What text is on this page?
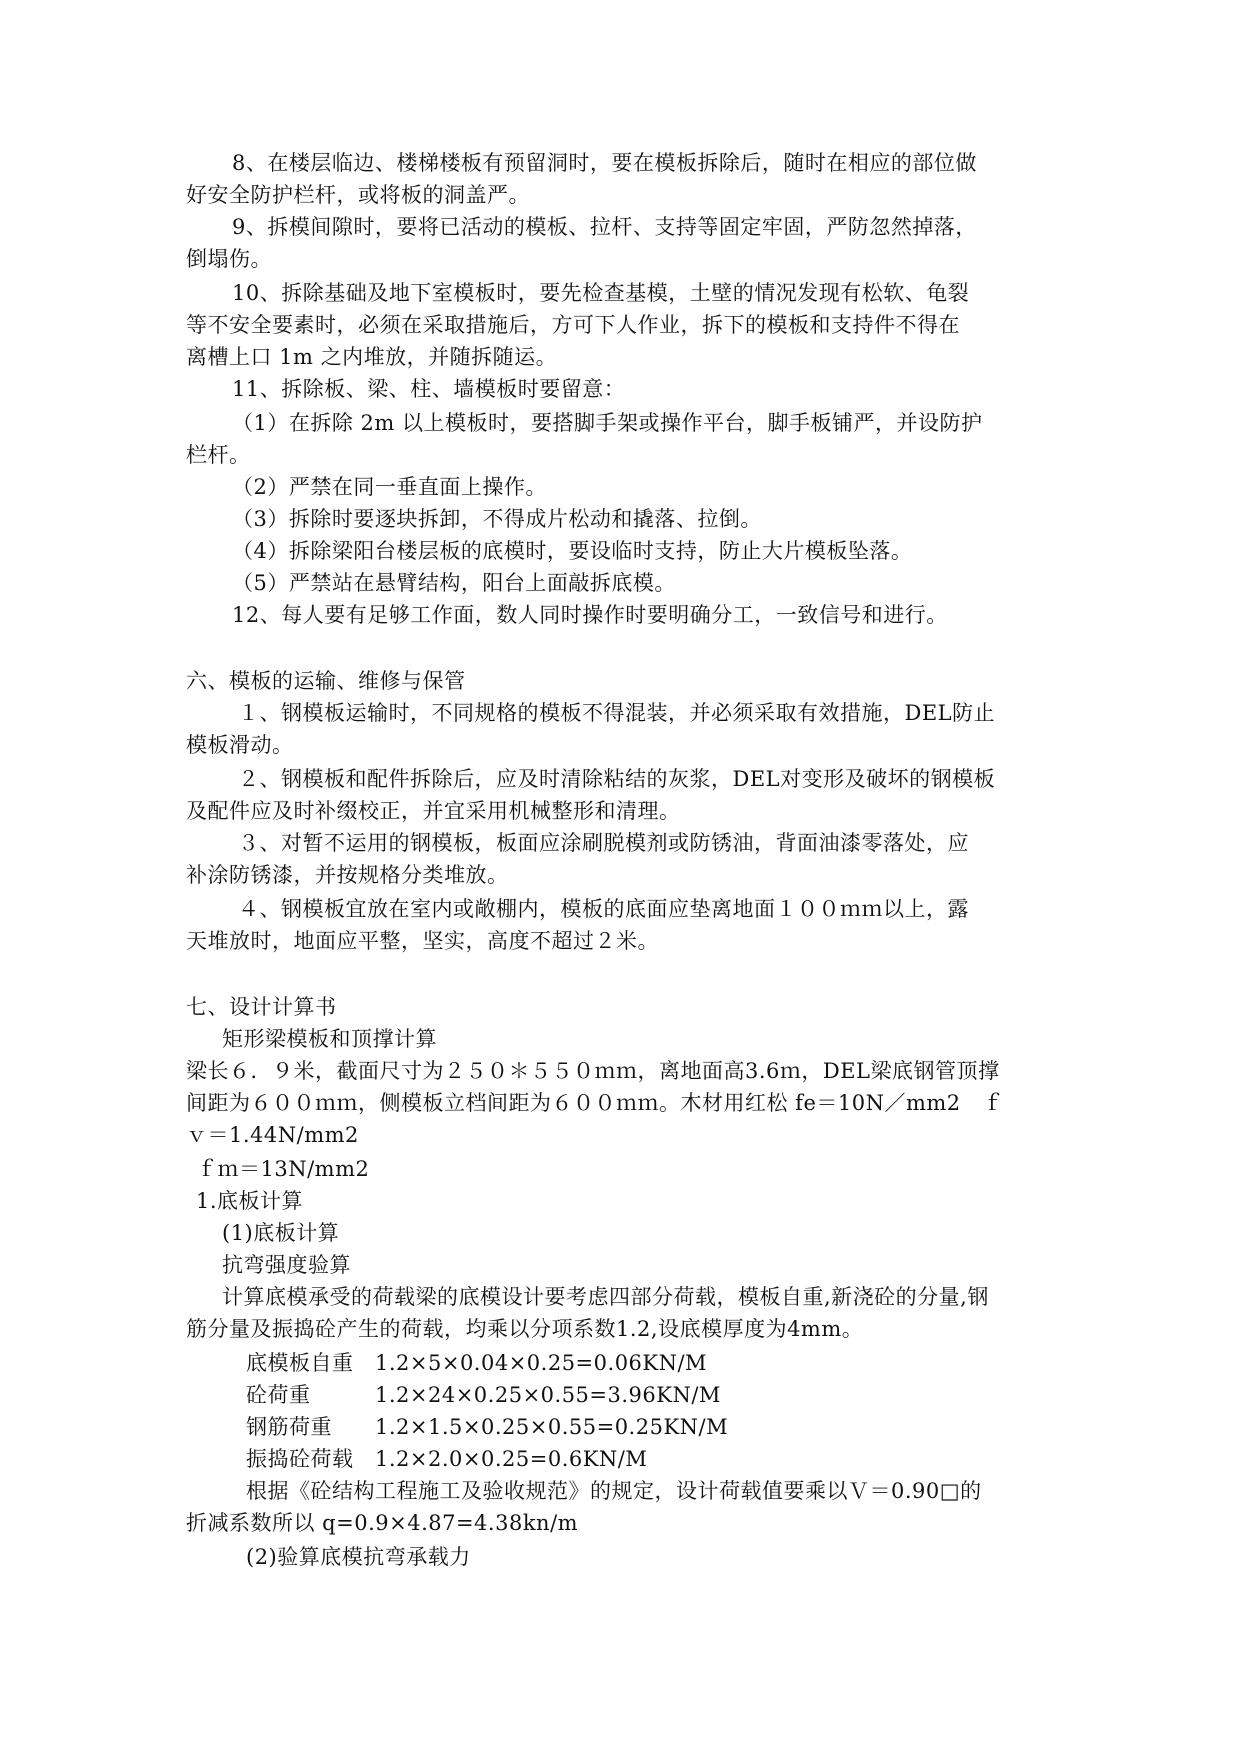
8、在楼层临边、楼梯楼板有预留洞时，要在模板拆除后，随时在相应的部位做
好安全防护栏杆，或将板的洞盖严。
9、拆模间隙时，要将已活动的模板、拉杆、支持等固定牢固，严防忽然掉落，
倒塌伤。
10、拆除基础及地下室模板时，要先检查基模，土壁的情况发现有松软、龟裂
等不安全要素时，必须在采取措施后，方可下人作业，拆下的模板和支持件不得在
离槽上口 1m 之内堆放，并随拆随运。
11、拆除板、梁、柱、墙模板时要留意：
（1）在拆除 2m 以上模板时，要搭脚手架或操作平台，脚手板铺严，并设防护
栏杆。
（2）严禁在同一垂直面上操作。
（3）拆除时要逐块拆卸，不得成片松动和撬落、拉倒。
（4）拆除梁阳台楼层板的底模时，要设临时支持，防止大片模板坠落。
（5）严禁站在悬臂结构，阳台上面敲拆底模。
12、每人要有足够工作面，数人同时操作时要明确分工，一致信号和进行。
六、模板的运输、维修与保管
１、钢模板运输时，不同规格的模板不得混装，并必须采取有效措施，DEL防止
模板滑动。
２、钢模板和配件拆除后，应及时清除粘结的灰浆，DEL对变形及破坏的钢模板
及配件应及时补缀校正，并宜采用机械整形和清理。
３、对暂不运用的钢模板，板面应涂刷脱模剂或防锈油，背面油漆零落处，应
补涂防锈漆，并按规格分类堆放。
４、钢模板宜放在室内或敞棚内，模板的底面应垫离地面１００ｍｍ以上，露
天堆放时，地面应平整，坚实，高度不超过２米。
七、设计计算书
矩形梁模板和顶撑计算
梁长６．９米，截面尺寸为２５０＊５５０ｍｍ，离地面高3.6ｍ，DEL梁底钢管顶撑
间距为６００ｍｍ，侧模板立档间距为６００ｍｍ。木材用红松 fe＝10N／mm2　ｆ
ｖ＝1.44N/mm2
ｆｍ＝13N/mm2
1.底板计算
(1)底板计算
抗弯强度验算
计算底模承受的荷载梁的底模设计要考虑四部分荷载，模板自重,新浇砼的分量,钢
筋分量及振捣砼产生的荷载，均乘以分项系数1.2,设底模厚度为4mm。
底模板自重　1.2×5×0.04×0.25=0.06KN/M
砼荷重　　　1.2×24×0.25×0.55=3.96KN/M
钢筋荷重　　1.2×1.5×0.25×0.55=0.25KN/M
振捣砼荷载　1.2×2.0×0.25=0.6KN/M
根据《砼结构工程施工及验收规范》的规定，设计荷载值要乘以Ｖ＝0.90□的
折减系数所以 q=0.9×4.87=4.38kn/m
(2)验算底模抗弯承载力
